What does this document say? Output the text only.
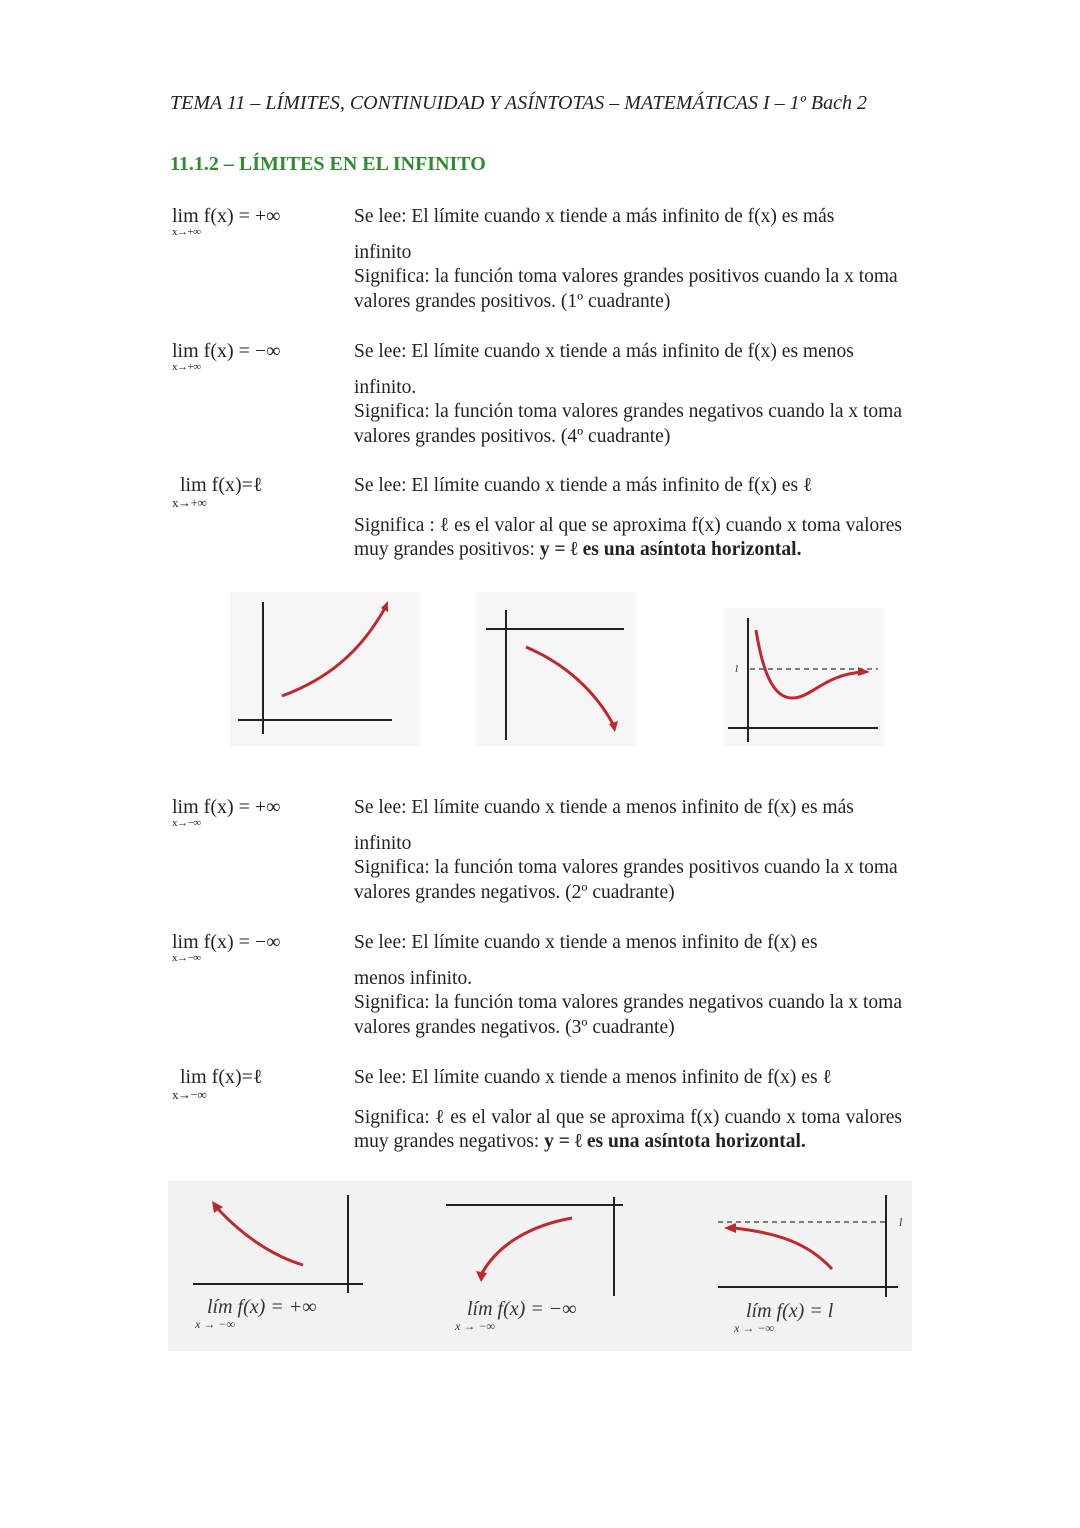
TEMA 11 – LÍMITES, CONTINUIDAD Y ASÍNTOTAS – MATEMÁTICAS I – 1º Bach 2
11.1.2 – LÍMITES EN EL INFINITO
lim f(x) = +∞
x→+∞

Se lee: El límite cuando x tiende a más infinito de f(x) es más

infinito

Significa: la función toma valores grandes positivos cuando la x toma valores grandes positivos. (1º cuadrante)

lim f(x) = −∞
x→+∞

Se lee: El límite cuando x tiende a más infinito de f(x) es menos

infinito.

Significa: la función toma valores grandes negativos cuando la x toma valores grandes positivos. (4º cuadrante)

lim f(x)=ℓ
x→+∞

Se lee: El límite cuando x tiende a más infinito de f(x) es ℓ

Significa : ℓ es el valor al que se aproxima f(x) cuando x toma valores muy grandes positivos: y = ℓ es una asíntota horizontal.

l
lim f(x) = +∞
x→−∞

Se lee: El límite cuando x tiende a menos infinito de f(x) es más

infinito

Significa: la función toma valores grandes positivos cuando la x toma valores grandes negativos. (2º cuadrante)

lim f(x) = −∞
x→−∞

Se lee: El límite cuando x tiende a menos infinito de f(x) es

menos infinito.

Significa: la función toma valores grandes negativos cuando la x toma valores grandes negativos. (3º cuadrante)

lim f(x)=ℓ
x→−∞

Se lee: El límite cuando x tiende a menos infinito de f(x) es ℓ

Significa: ℓ es el valor al que se aproxima f(x) cuando x toma valores muy grandes negativos: y = ℓ es una asíntota horizontal.

l
lím f(x) = +∞
x → −∞
lím f(x) = −∞
x → −∞
lím f(x) = l
x → −∞
